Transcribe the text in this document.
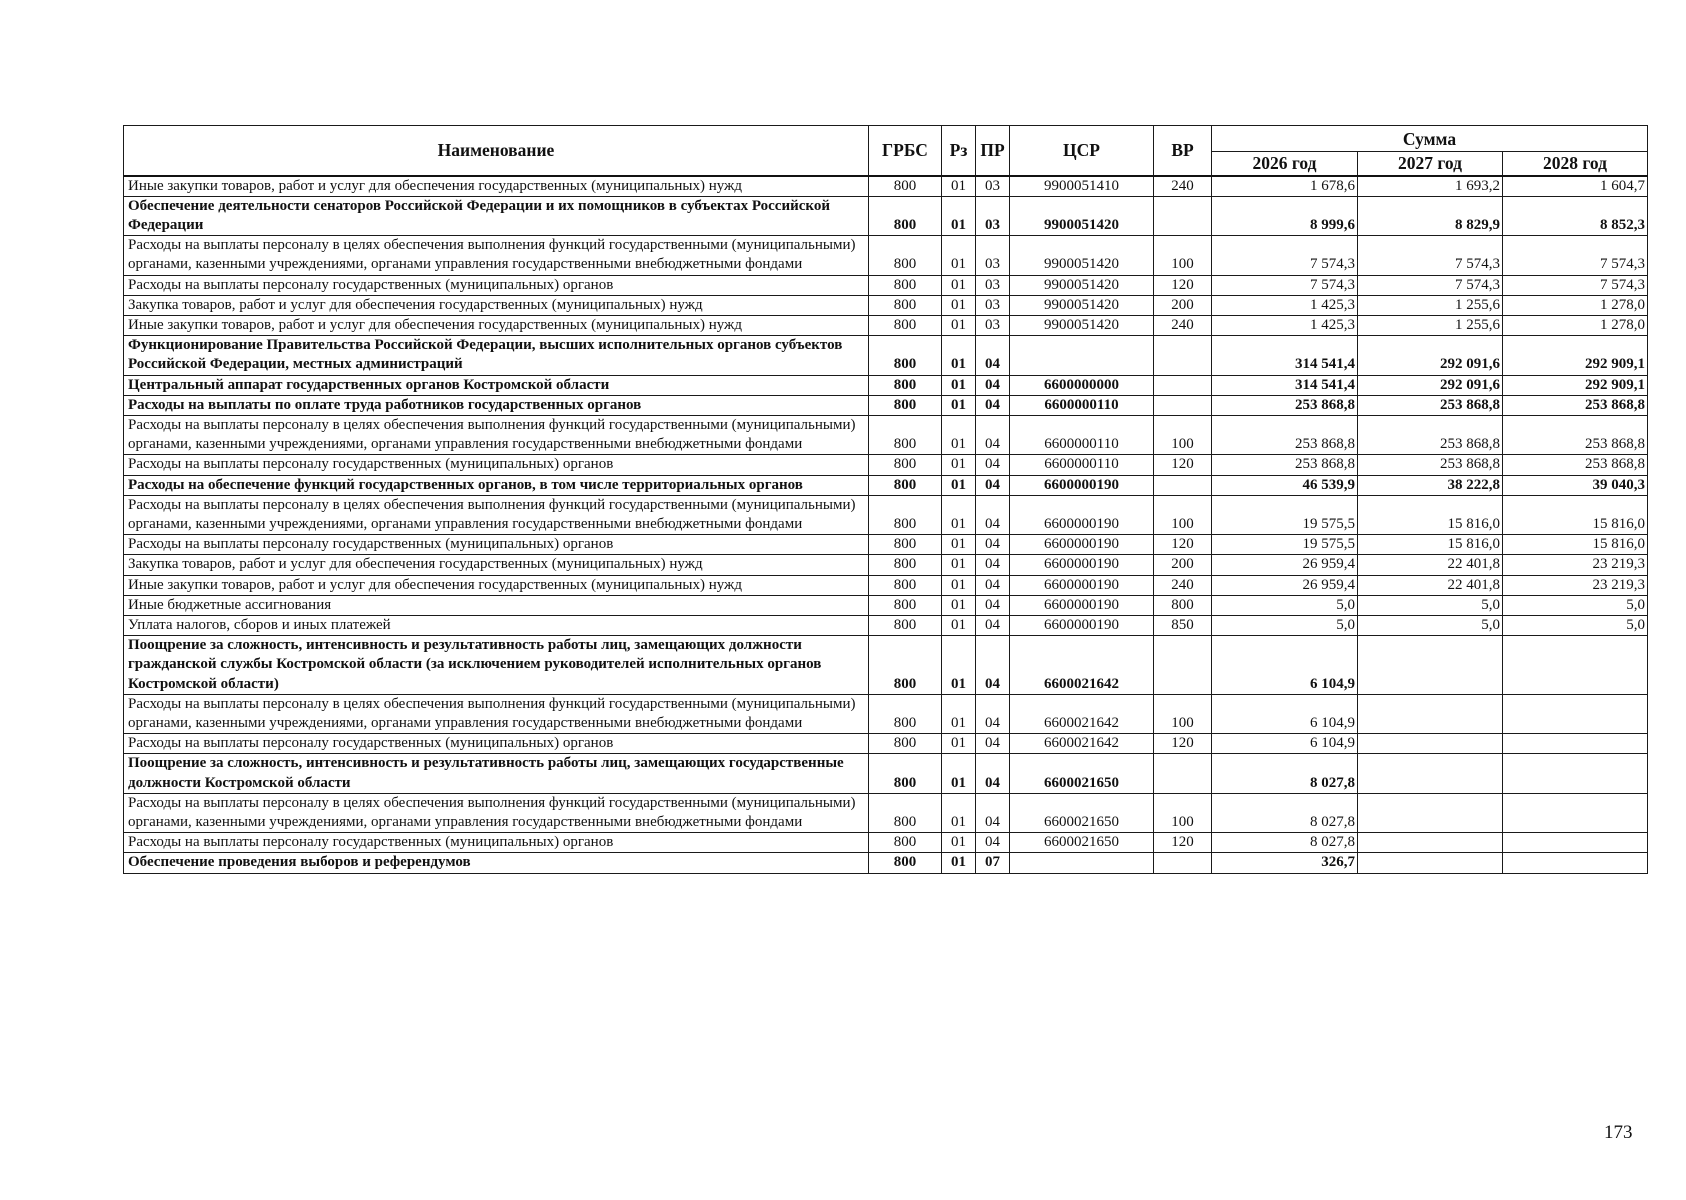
Наименование	ГРБС	Рз	ПР	ЦСР	ВР	Сумма		
						2026 год	2027 год	2028 год
Иные закупки товаров, работ и услуг для обеспечения государственных (муниципальных) нужд	800	01	03	9900051410	240	1 678,6	1 693,2	1 604,7
Обеспечение деятельности сенаторов Российской Федерации и их помощников в субъектах Российской Федерации	800	01	03	9900051420		8 999,6	8 829,9	8 852,3
Расходы на выплаты персоналу в целях обеспечения выполнения функций государственными (муниципальными) органами, казенными учреждениями, органами управления государственными внебюджетными фондами	800	01	03	9900051420	100	7 574,3	7 574,3	7 574,3
Расходы на выплаты персоналу государственных (муниципальных) органов	800	01	03	9900051420	120	7 574,3	7 574,3	7 574,3
Закупка товаров, работ и услуг для обеспечения государственных (муниципальных) нужд	800	01	03	9900051420	200	1 425,3	1 255,6	1 278,0
Иные закупки товаров, работ и услуг для обеспечения государственных (муниципальных) нужд	800	01	03	9900051420	240	1 425,3	1 255,6	1 278,0
Функционирование Правительства Российской Федерации, высших исполнительных органов субъектов Российской Федерации, местных администраций	800	01	04			314 541,4	292 091,6	292 909,1
Центральный аппарат государственных органов Костромской области	800	01	04	6600000000		314 541,4	292 091,6	292 909,1
Расходы на выплаты по оплате труда работников государственных органов	800	01	04	6600000110		253 868,8	253 868,8	253 868,8
Расходы на выплаты персоналу в целях обеспечения выполнения функций государственными (муниципальными) органами, казенными учреждениями, органами управления государственными внебюджетными фондами	800	01	04	6600000110	100	253 868,8	253 868,8	253 868,8
Расходы на выплаты персоналу государственных (муниципальных) органов	800	01	04	6600000110	120	253 868,8	253 868,8	253 868,8
Расходы на обеспечение функций государственных органов, в том числе территориальных органов	800	01	04	6600000190		46 539,9	38 222,8	39 040,3
Расходы на выплаты персоналу в целях обеспечения выполнения функций государственными (муниципальными) органами, казенными учреждениями, органами управления государственными внебюджетными фондами	800	01	04	6600000190	100	19 575,5	15 816,0	15 816,0
Расходы на выплаты персоналу государственных (муниципальных) органов	800	01	04	6600000190	120	19 575,5	15 816,0	15 816,0
Закупка товаров, работ и услуг для обеспечения государственных (муниципальных) нужд	800	01	04	6600000190	200	26 959,4	22 401,8	23 219,3
Иные закупки товаров, работ и услуг для обеспечения государственных (муниципальных) нужд	800	01	04	6600000190	240	26 959,4	22 401,8	23 219,3
Иные бюджетные ассигнования	800	01	04	6600000190	800	5,0	5,0	5,0
Уплата налогов, сборов и иных платежей	800	01	04	6600000190	850	5,0	5,0	5,0
Поощрение за сложность, интенсивность и результативность работы лиц, замещающих должности гражданской службы Костромской области (за исключением руководителей исполнительных органов Костромской области)	800	01	04	6600021642		6 104,9		
Расходы на выплаты персоналу в целях обеспечения выполнения функций государственными (муниципальными) органами, казенными учреждениями, органами управления государственными внебюджетными фондами	800	01	04	6600021642	100	6 104,9		
Расходы на выплаты персоналу государственных (муниципальных) органов	800	01	04	6600021642	120	6 104,9		
Поощрение за сложность, интенсивность и результативность работы лиц, замещающих государственные должности Костромской области	800	01	04	6600021650		8 027,8		
Расходы на выплаты персоналу в целях обеспечения выполнения функций государственными (муниципальными) органами, казенными учреждениями, органами управления государственными внебюджетными фондами	800	01	04	6600021650	100	8 027,8		
Расходы на выплаты персоналу государственных (муниципальных) органов	800	01	04	6600021650	120	8 027,8		
Обеспечение проведения выборов и референдумов	800	01	07			326,7		
173
